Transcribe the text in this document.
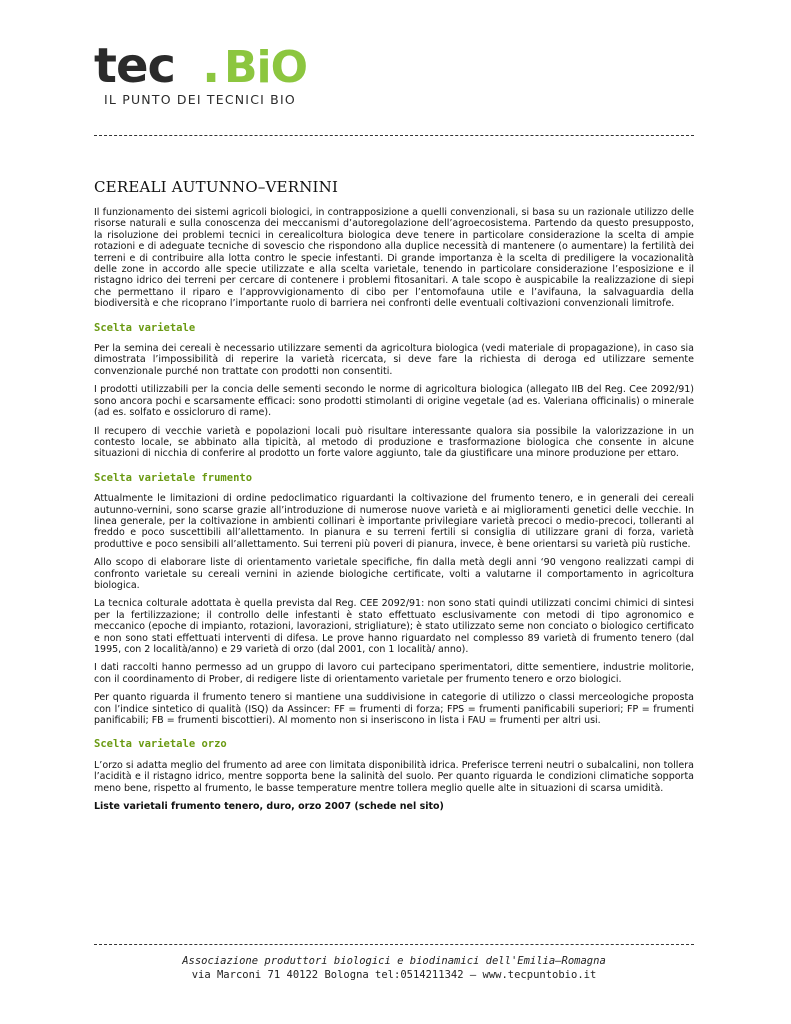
tec . BiO
IL PUNTO DEI TECNICI BIO
CEREALI AUTUNNO–VERNINI

Il funzionamento dei sistemi agricoli biologici, in contrapposizione a quelli convenzionali, si basa su un razionale utilizzo delle risorse naturali e sulla conoscenza dei meccanismi d’autoregolazione dell’agroecosistema. Partendo da questo presupposto, la risoluzione dei problemi tecnici in cerealicoltura biologica deve tenere in particolare considerazione la scelta di ampie rotazioni e di adeguate tecniche di sovescio che rispondono alla duplice necessità di mantenere (o aumentare) la fertilità dei terreni e di contribuire alla lotta contro le specie infestanti. Di grande importanza è la scelta di prediligere la vocazionalità delle zone in accordo alle specie utilizzate e alla scelta varietale, tenendo in particolare considerazione l’esposizione e il ristagno idrico dei terreni per cercare di contenere i problemi fitosanitari. A tale scopo è auspicabile la realizzazione di siepi che permettano il riparo e l’approvvigionamento di cibo per l’entomofauna utile e l’avifauna, la salvaguardia della biodiversità e che ricoprano l’importante ruolo di barriera nei confronti delle eventuali coltivazioni convenzionali limitrofe.

Scelta varietale

Per la semina dei cereali è necessario utilizzare sementi da agricoltura biologica (vedi materiale di propagazione), in caso sia dimostrata l’impossibilità di reperire la varietà ricercata, si deve fare la richiesta di deroga ed utilizzare semente convenzionale purché non trattate con prodotti non consentiti.

I prodotti utilizzabili per la concia delle sementi secondo le norme di agricoltura biologica (allegato IIB del Reg. Cee 2092/91) sono ancora pochi e scarsamente efficaci: sono prodotti stimolanti di origine vegetale (ad es. Valeriana officinalis) o minerale (ad es. solfato e ossicloruro di rame).

Il recupero di vecchie varietà e popolazioni locali può risultare interessante qualora sia possibile la valorizzazione in un contesto locale, se abbinato alla tipicità, al metodo di produzione e trasformazione biologica che consente in alcune situazioni di nicchia di conferire al prodotto un forte valore aggiunto, tale da giustificare una minore produzione per ettaro.

Scelta varietale frumento

Attualmente le limitazioni di ordine pedoclimatico riguardanti la coltivazione del frumento tenero, e in generali dei cereali autunno-vernini, sono scarse grazie all’introduzione di numerose nuove varietà e ai miglioramenti genetici delle vecchie. In linea generale, per la coltivazione in ambienti collinari è importante privilegiare varietà precoci o medio-precoci, tolleranti al freddo e poco suscettibili all’allettamento. In pianura e su terreni fertili si consiglia di utilizzare grani di forza, varietà produttive e poco sensibili all’allettamento. Sui terreni più poveri di pianura, invece, è bene orientarsi su varietà più rustiche.

Allo scopo di elaborare liste di orientamento varietale specifiche, fin dalla metà degli anni ‘90 vengono realizzati campi di confronto varietale su cereali vernini in aziende biologiche certificate, volti a valutarne il comportamento in agricoltura biologica.

La tecnica colturale adottata è quella prevista dal Reg. CEE 2092/91: non sono stati quindi utilizzati concimi chimici di sintesi per la fertilizzazione; il controllo delle infestanti è stato effettuato esclusivamente con metodi di tipo agronomico e meccanico (epoche di impianto, rotazioni, lavorazioni, strigliature); è stato utilizzato seme non conciato o biologico certificato e non sono stati effettuati interventi di difesa. Le prove hanno riguardato nel complesso 89 varietà di frumento tenero (dal 1995, con 2 località/anno) e 29 varietà di orzo (dal 2001, con 1 località/ anno).

I dati raccolti hanno permesso ad un gruppo di lavoro cui partecipano sperimentatori, ditte sementiere, industrie molitorie, con il coordinamento di Prober, di redigere liste di orientamento varietale per frumento tenero e orzo biologici.

Per quanto riguarda il frumento tenero si mantiene una suddivisione in categorie di utilizzo o classi merceologiche proposta con l’indice sintetico di qualità (ISQ) da Assincer: FF = frumenti di forza; FPS = frumenti panificabili superiori; FP = frumenti panificabili; FB = frumenti biscottieri). Al momento non si inseriscono in lista i FAU = frumenti per altri usi.

Scelta varietale orzo

L’orzo si adatta meglio del frumento ad aree con limitata disponibilità idrica. Preferisce terreni neutri o subalcalini, non tollera l’acidità e il ristagno idrico, mentre sopporta bene la salinità del suolo. Per quanto riguarda le condizioni climatiche sopporta meno bene, rispetto al frumento, le basse temperature mentre tollera meglio quelle alte in situazioni di scarsa umidità.

Liste varietali frumento tenero, duro, orzo 2007 (schede nel sito)

Associazione produttori biologici e biodinamici dell'Emilia–Romagna
via Marconi 71 40122 Bologna tel:0514211342 – www.tecpuntobio.it
